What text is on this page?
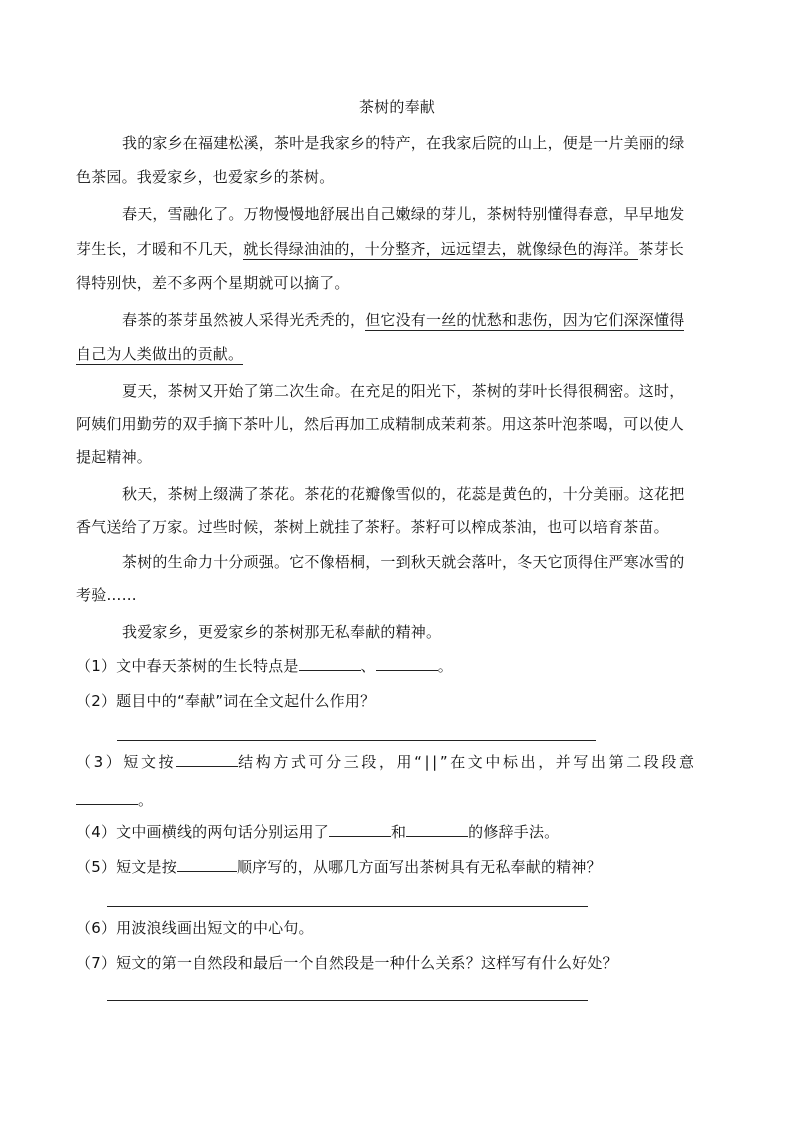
茶树的奉献
我的家乡在福建松溪，茶叶是我家乡的特产，在我家后院的山上，便是一片美丽的绿
色茶园。我爱家乡，也爱家乡的茶树。
春天，雪融化了。万物慢慢地舒展出自己嫩绿的芽儿，茶树特别懂得春意，早早地发
芽生长，才暖和不几天，就长得绿油油的，十分整齐，远远望去，就像绿色的海洋。茶芽长
得特别快，差不多两个星期就可以摘了。
春茶的茶芽虽然被人采得光秃秃的，但它没有一丝的忧愁和悲伤，因为它们深深懂得
自己为人类做出的贡献。
夏天，茶树又开始了第二次生命。在充足的阳光下，茶树的芽叶长得很稠密。这时，
阿姨们用勤劳的双手摘下茶叶儿，然后再加工成精制成茉莉茶。用这茶叶泡茶喝，可以使人
提起精神。
秋天，茶树上缀满了茶花。茶花的花瓣像雪似的，花蕊是黄色的，十分美丽。这花把
香气送给了万家。过些时候，茶树上就挂了茶籽。茶籽可以榨成茶油，也可以培育茶苗。
茶树的生命力十分顽强。它不像梧桐，一到秋天就会落叶，冬天它顶得住严寒冰雪的
考验……
我爱家乡，更爱家乡的茶树那无私奉献的精神。
（1）文中春天茶树的生长特点是	、	。
（2）题目中的“奉献”词在全文起什么作用？
（3）短文按	结构方式可分三段，用“||”在文中标出，并写出第二段段意
。
（4）文中画横线的两句话分别运用了	和	的修辞手法。
（5）短文是按	顺序写的，从哪几方面写出茶树具有无私奉献的精神？
（6）用波浪线画出短文的中心句。
（7）短文的第一自然段和最后一个自然段是一种什么关系？这样写有什么好处？
